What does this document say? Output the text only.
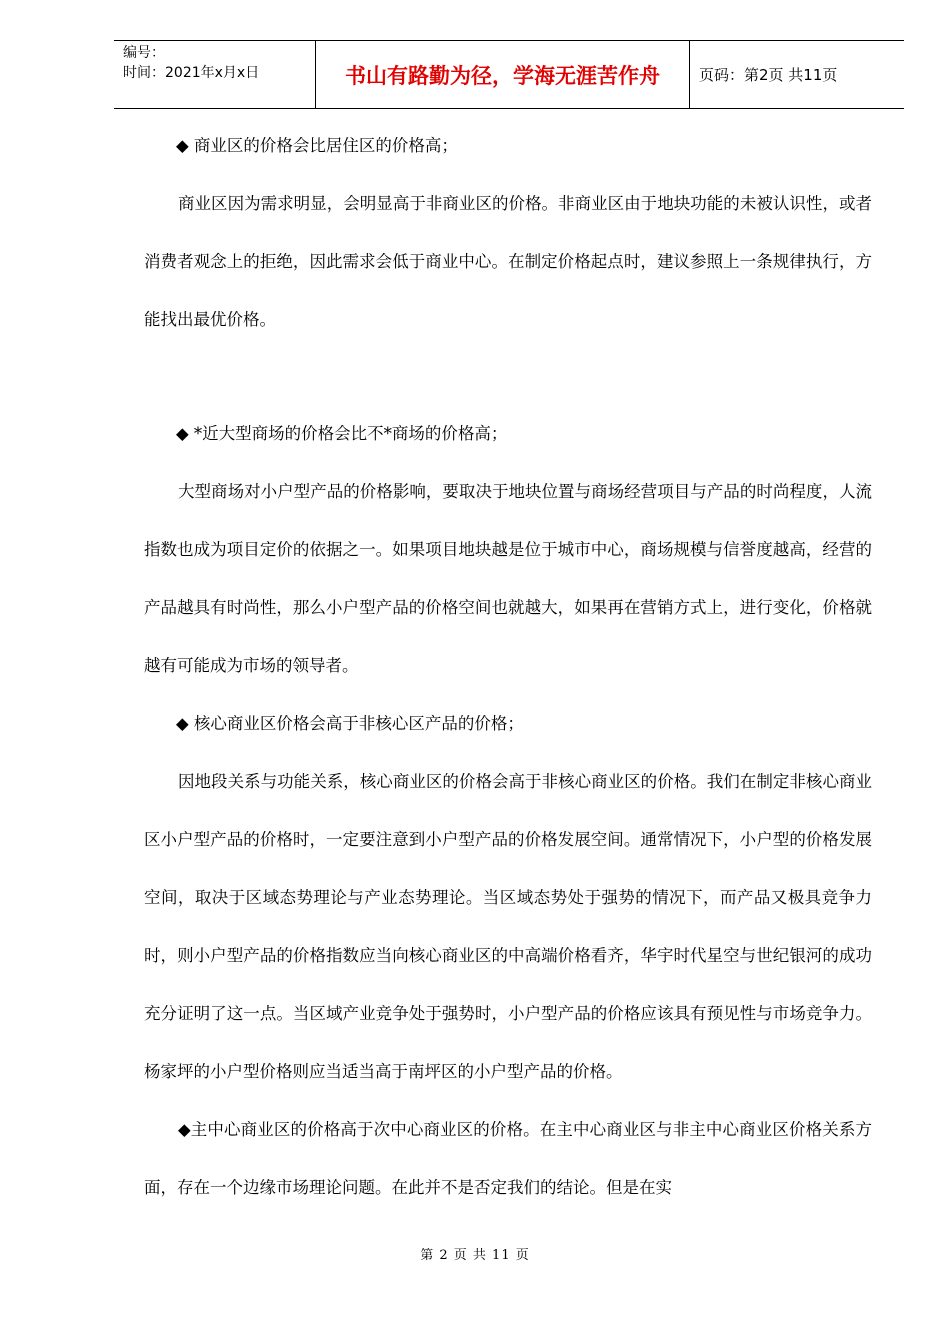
编号：
时间：2021年x月x日	书山有路勤为径，学海无涯苦作舟	页码：第2页 共11页
◆ 商业区的价格会比居住区的价格高；
商业区因为需求明显，会明显高于非商业区的价格。非商业区由于地块功能的未被认识性，或者消费者观念上的拒绝，因此需求会低于商业中心。在制定价格起点时，建议参照上一条规律执行，方能找出最优价格。
◆ *近大型商场的价格会比不*商场的价格高；
大型商场对小户型产品的价格影响，要取决于地块位置与商场经营项目与产品的时尚程度，人流指数也成为项目定价的依据之一。如果项目地块越是位于城市中心，商场规模与信誉度越高，经营的产品越具有时尚性，那么小户型产品的价格空间也就越大，如果再在营销方式上，进行变化，价格就越有可能成为市场的领导者。
◆ 核心商业区价格会高于非核心区产品的价格；
因地段关系与功能关系，核心商业区的价格会高于非核心商业区的价格。我们在制定非核心商业区小户型产品的价格时，一定要注意到小户型产品的价格发展空间。通常情况下，小户型的价格发展空间，取决于区域态势理论与产业态势理论。当区域态势处于强势的情况下，而产品又极具竞争力时，则小户型产品的价格指数应当向核心商业区的中高端价格看齐，华宇时代星空与世纪银河的成功充分证明了这一点。当区域产业竞争处于强势时，小户型产品的价格应该具有预见性与市场竞争力。杨家坪的小户型价格则应当适当高于南坪区的小户型产品的价格。
◆主中心商业区的价格高于次中心商业区的价格。在主中心商业区与非主中心商业区价格关系方面，存在一个边缘市场理论问题。在此并不是否定我们的结论。但是在实
第 2 页 共 11 页
